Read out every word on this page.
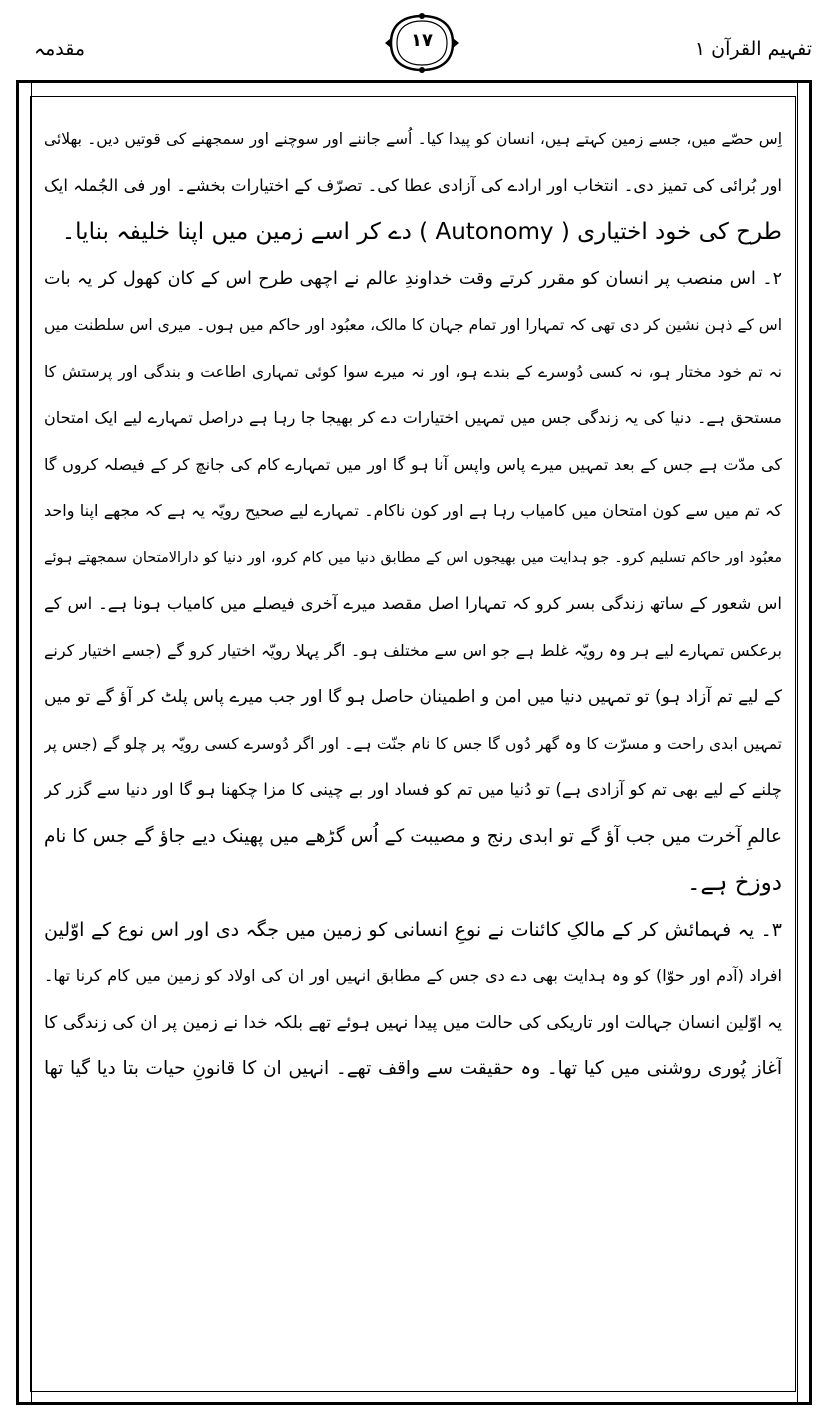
مقدمہ	١٧	تفہیم القرآن ۱
اِس حصّے میں، جسے زمین کہتے ہیں، انسان کو پیدا کیا۔ اُسے جاننے اور سوچنے اور سمجھنے کی قوتیں دیں۔ بھلائی
اور بُرائی کی تمیز دی۔ انتخاب اور ارادے کی آزادی عطا کی۔ تصرّف کے اختیارات بخشے۔ اور فی الجُملہ ایک
طرح کی خود اختیاری ( Autonomy ) دے کر اسے زمین میں اپنا خلیفہ بنایا۔
۲۔ اس منصب پر انسان کو مقرر کرتے وقت خداوندِ عالم نے اچھی طرح اس کے کان کھول کر یہ بات
اس کے ذہن نشین کر دی تھی کہ تمہارا اور تمام جہان کا مالک، معبُود اور حاکم میں ہوں۔ میری اس سلطنت میں
نہ تم خود مختار ہو، نہ کسی دُوسرے کے بندے ہو، اور نہ میرے سوا کوئی تمہاری اطاعت و بندگی اور پرستش کا
مستحق ہے۔ دنیا کی یہ زندگی جس میں تمہیں اختیارات دے کر بھیجا جا رہا ہے دراصل تمہارے لیے ایک امتحان
کی مدّت ہے جس کے بعد تمہیں میرے پاس واپس آنا ہو گا اور میں تمہارے کام کی جانچ کر کے فیصلہ کروں گا
کہ تم میں سے کون امتحان میں کامیاب رہا ہے اور کون ناکام۔ تمہارے لیے صحیح رویّہ یہ ہے کہ مجھے اپنا واحد
معبُود اور حاکم تسلیم کرو۔ جو ہدایت میں بھیجوں اس کے مطابق دنیا میں کام کرو، اور دنیا کو دارالامتحان سمجھتے ہوئے
اس شعور کے ساتھ زندگی بسر کرو کہ تمہارا اصل مقصد میرے آخری فیصلے میں کامیاب ہونا ہے۔ اس کے
برعکس تمہارے لیے ہر وہ رویّہ غلط ہے جو اس سے مختلف ہو۔ اگر پہلا رویّہ اختیار کرو گے (جسے اختیار کرنے
کے لیے تم آزاد ہو) تو تمہیں دنیا میں امن و اطمینان حاصل ہو گا اور جب میرے پاس پلٹ کر آؤ گے تو میں
تمہیں ابدی راحت و مسرّت کا وہ گھر دُوں گا جس کا نام جنّت ہے۔ اور اگر دُوسرے کسی رویّہ پر چلو گے (جس پر
چلنے کے لیے بھی تم کو آزادی ہے) تو دُنیا میں تم کو فساد اور بے چینی کا مزا چکھنا ہو گا اور دنیا سے گزر کر
عالمِ آخرت میں جب آؤ گے تو ابدی رنج و مصیبت کے اُس گڑھے میں پھینک دیے جاؤ گے جس کا نام
دوزخ ہے۔
۳۔ یہ فہمائش کر کے مالکِ کائنات نے نوعِ انسانی کو زمین میں جگہ دی اور اس نوع کے اوّلین
افراد (آدم اور حوّا) کو وہ ہدایت بھی دے دی جس کے مطابق انہیں اور ان کی اولاد کو زمین میں کام کرنا تھا۔
یہ اوّلین انسان جہالت اور تاریکی کی حالت میں پیدا نہیں ہوئے تھے بلکہ خدا نے زمین پر ان کی زندگی کا
آغاز پُوری روشنی میں کیا تھا۔ وہ حقیقت سے واقف تھے۔ انہیں ان کا قانونِ حیات بتا دیا گیا تھا
